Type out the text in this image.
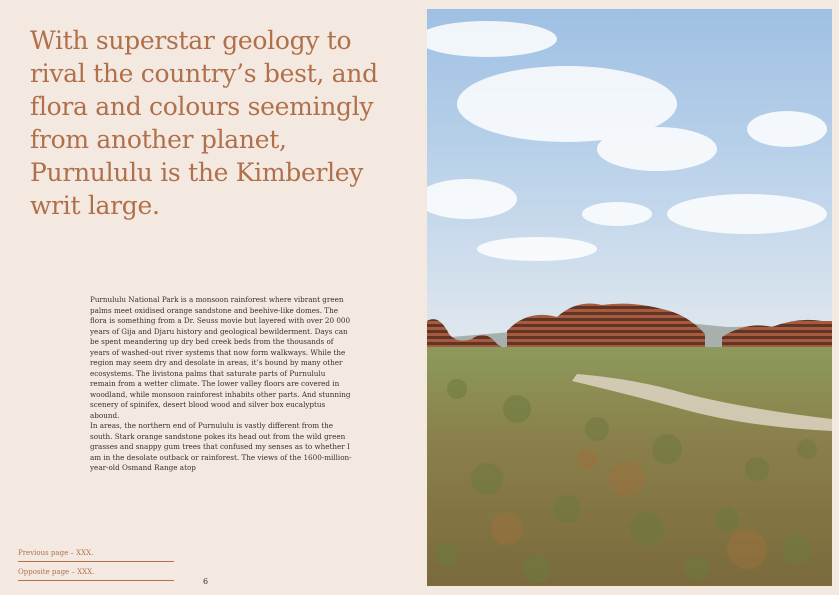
With superstar geology to rival the country’s best, and flora and colours seemingly from another planet, Purnululu is the Kimberley writ large.

Purnululu National Park is a monsoon rainforest where vibrant green palms meet oxidised orange sandstone and beehive-like domes. The flora is something from a Dr. Seuss movie but layered with over 20 000 years of Gija and Djaru history and geological bewilderment. Days can be spent meandering up dry bed creek beds from the thousands of years of washed-out river systems that now form walkways. While the region may seem dry and desolate in areas, it’s bound by many other ecosystems. The livistona palms that saturate parts of Purnululu remain from a wetter climate. The lower valley floors are covered in woodland, while monsoon rainforest inhabits other parts. And stunning scenery of spinifex, desert blood wood and silver box eucalyptus abound.

In areas, the northern end of Purnululu is vastly different from the south. Stark orange sandstone pokes its head out from the wild green grasses and snappy gum trees that confused my senses as to whether I am in the desolate outback or rainforest. The views of the 1600-million-year-old Osmand Range atop

Previous page – XXX.
Opposite page – XXX.
6
